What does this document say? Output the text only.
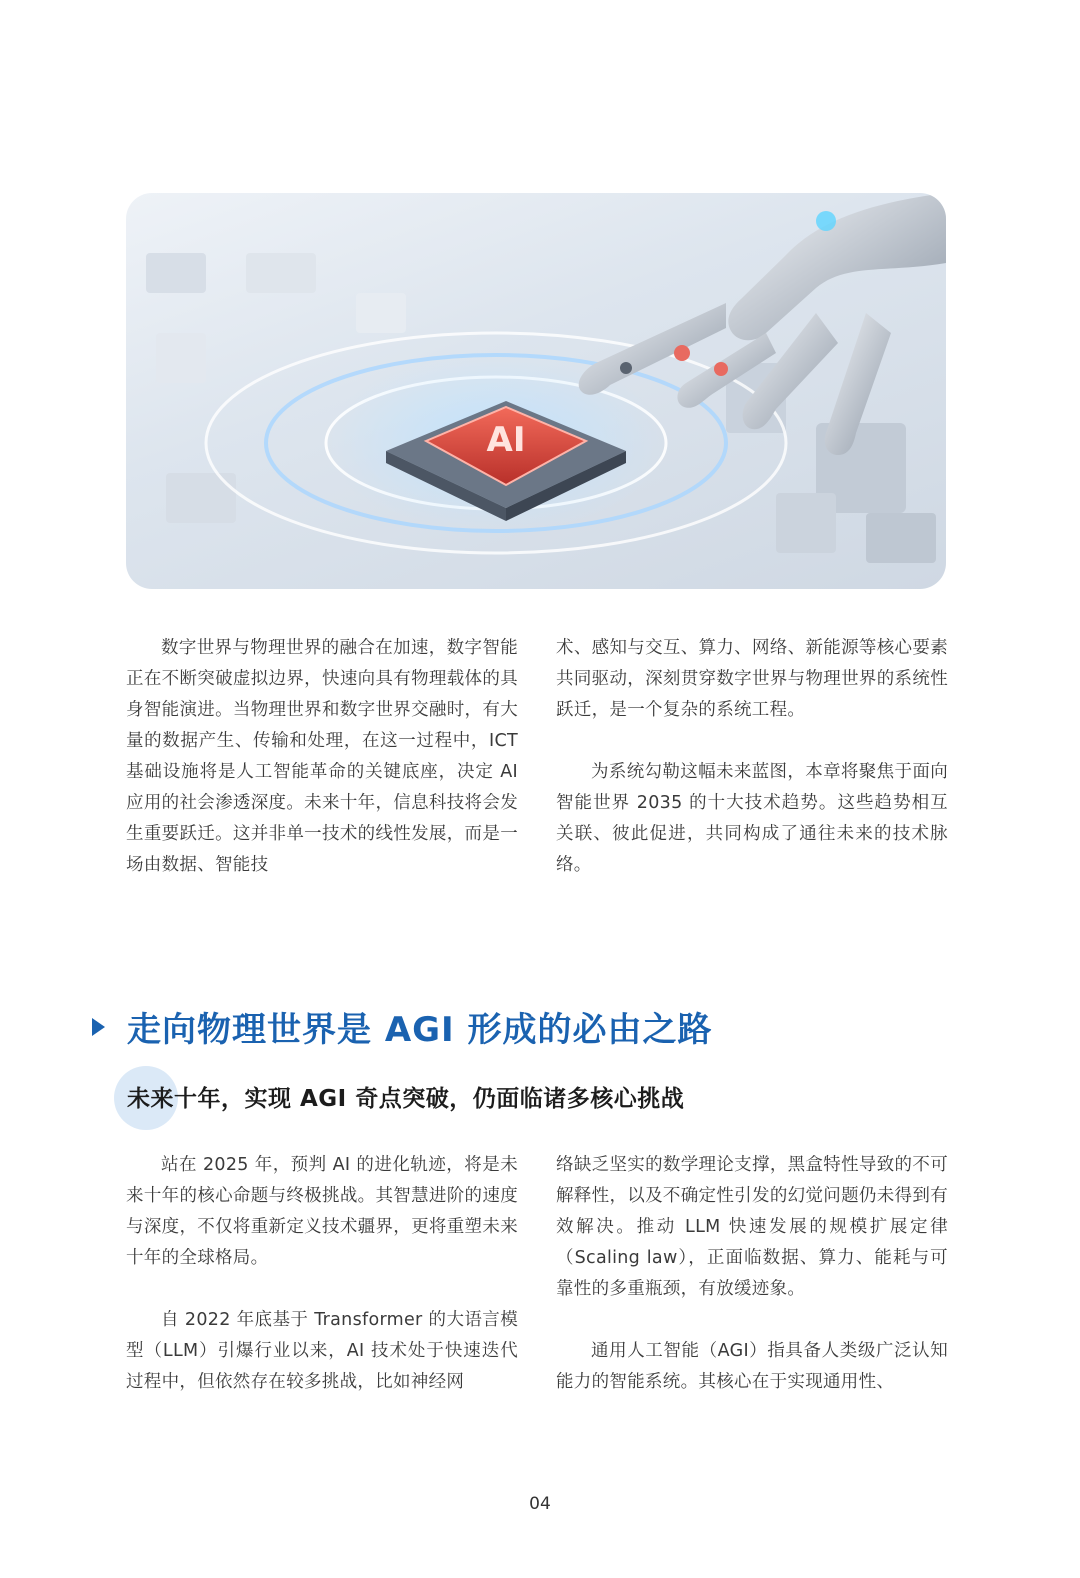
AI

数字世界与物理世界的融合在加速，数字智能正在不断突破虚拟边界，快速向具有物理载体的具身智能演进。当物理世界和数字世界交融时，有大量的数据产生、传输和处理，在这一过程中，ICT 基础设施将是人工智能革命的关键底座，决定 AI 应用的社会渗透深度。未来十年，信息科技将会发生重要跃迁。这并非单一技术的线性发展，而是一场由数据、智能技

术、感知与交互、算力、网络、新能源等核心要素共同驱动，深刻贯穿数字世界与物理世界的系统性跃迁，是一个复杂的系统工程。

为系统勾勒这幅未来蓝图，本章将聚焦于面向智能世界 2035 的十大技术趋势。这些趋势相互关联、彼此促进，共同构成了通往未来的技术脉络。

走向物理世界是 AGI 形成的必由之路
未来十年，实现 AGI 奇点突破，仍面临诸多核心挑战

站在 2025 年，预判 AI 的进化轨迹，将是未来十年的核心命题与终极挑战。其智慧进阶的速度与深度，不仅将重新定义技术疆界，更将重塑未来十年的全球格局。

自 2022 年底基于 Transformer 的大语言模型（LLM）引爆行业以来，AI 技术处于快速迭代过程中，但依然存在较多挑战，比如神经网

络缺乏坚实的数学理论支撑，黑盒特性导致的不可解释性，以及不确定性引发的幻觉问题仍未得到有效解决。推动 LLM 快速发展的规模扩展定律（Scaling law），正面临数据、算力、能耗与可靠性的多重瓶颈，有放缓迹象。

通用人工智能（AGI）指具备人类级广泛认知能力的智能系统。其核心在于实现通用性、

04
